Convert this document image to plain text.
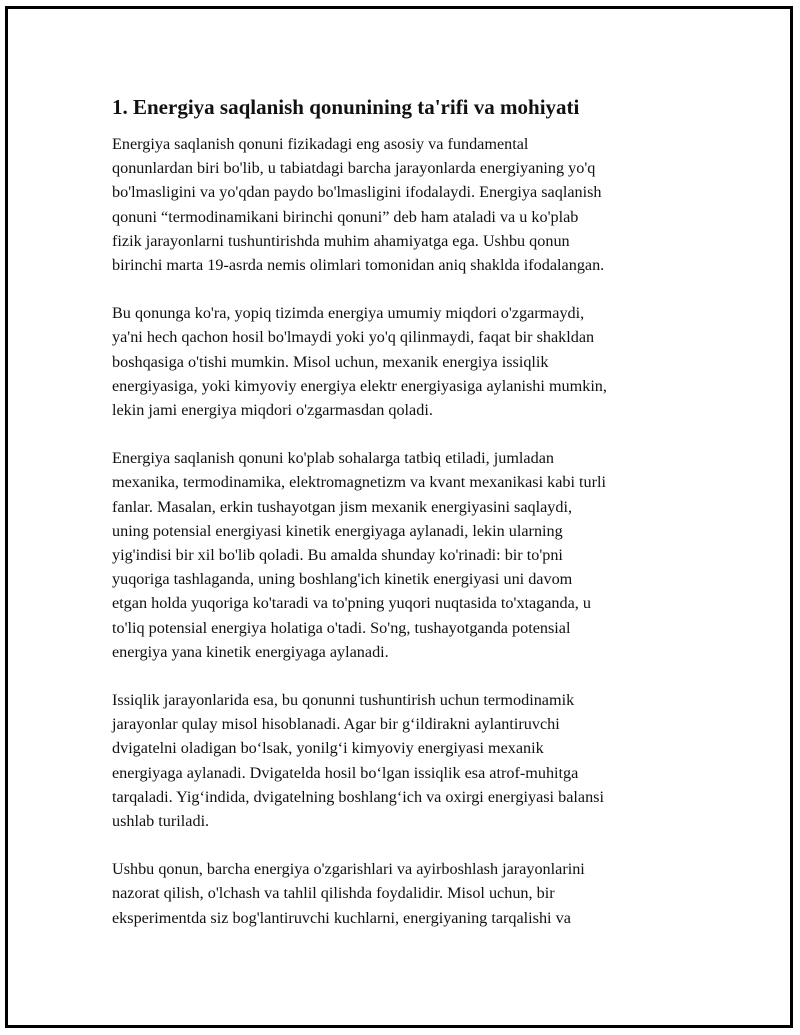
1. Energiya saqlanish qonunining ta'rifi va mohiyati
Energiya saqlanish qonuni fizikadagi eng asosiy va fundamental
qonunlardan biri bo'lib, u tabiatdagi barcha jarayonlarda energiyaning yo'q
bo'lmasligini va yo'qdan paydo bo'lmasligini ifodalaydi. Energiya saqlanish
qonuni “termodinamikani birinchi qonuni” deb ham ataladi va u ko'plab
fizik jarayonlarni tushuntirishda muhim ahamiyatga ega. Ushbu qonun
birinchi marta 19-asrda nemis olimlari tomonidan aniq shaklda ifodalangan.
Bu qonunga ko'ra, yopiq tizimda energiya umumiy miqdori o'zgarmaydi,
ya'ni hech qachon hosil bo'lmaydi yoki yo'q qilinmaydi, faqat bir shakldan
boshqasiga o'tishi mumkin. Misol uchun, mexanik energiya issiqlik
energiyasiga, yoki kimyoviy energiya elektr energiyasiga aylanishi mumkin,
lekin jami energiya miqdori o'zgarmasdan qoladi.
Energiya saqlanish qonuni ko'plab sohalarga tatbiq etiladi, jumladan
mexanika, termodinamika, elektromagnetizm va kvant mexanikasi kabi turli
fanlar. Masalan, erkin tushayotgan jism mexanik energiyasini saqlaydi,
uning potensial energiyasi kinetik energiyaga aylanadi, lekin ularning
yig'indisi bir xil bo'lib qoladi. Bu amalda shunday ko'rinadi: bir to'pni
yuqoriga tashlaganda, uning boshlang'ich kinetik energiyasi uni davom
etgan holda yuqoriga ko'taradi va to'pning yuqori nuqtasida to'xtaganda, u
to'liq potensial energiya holatiga o'tadi. So'ng, tushayotganda potensial
energiya yana kinetik energiyaga aylanadi.
Issiqlik jarayonlarida esa, bu qonunni tushuntirish uchun termodinamik
jarayonlar qulay misol hisoblanadi. Agar bir g‘ildirakni aylantiruvchi
dvigatelni oladigan bo‘lsak, yonilg‘i kimyoviy energiyasi mexanik
energiyaga aylanadi. Dvigatelda hosil bo‘lgan issiqlik esa atrof-muhitga
tarqaladi. Yig‘indida, dvigatelning boshlang‘ich va oxirgi energiyasi balansi
ushlab turiladi.
Ushbu qonun, barcha energiya o'zgarishlari va ayirboshlash jarayonlarini
nazorat qilish, o'lchash va tahlil qilishda foydalidir. Misol uchun, bir
eksperimentda siz bog'lantiruvchi kuchlarni, energiyaning tarqalishi va
